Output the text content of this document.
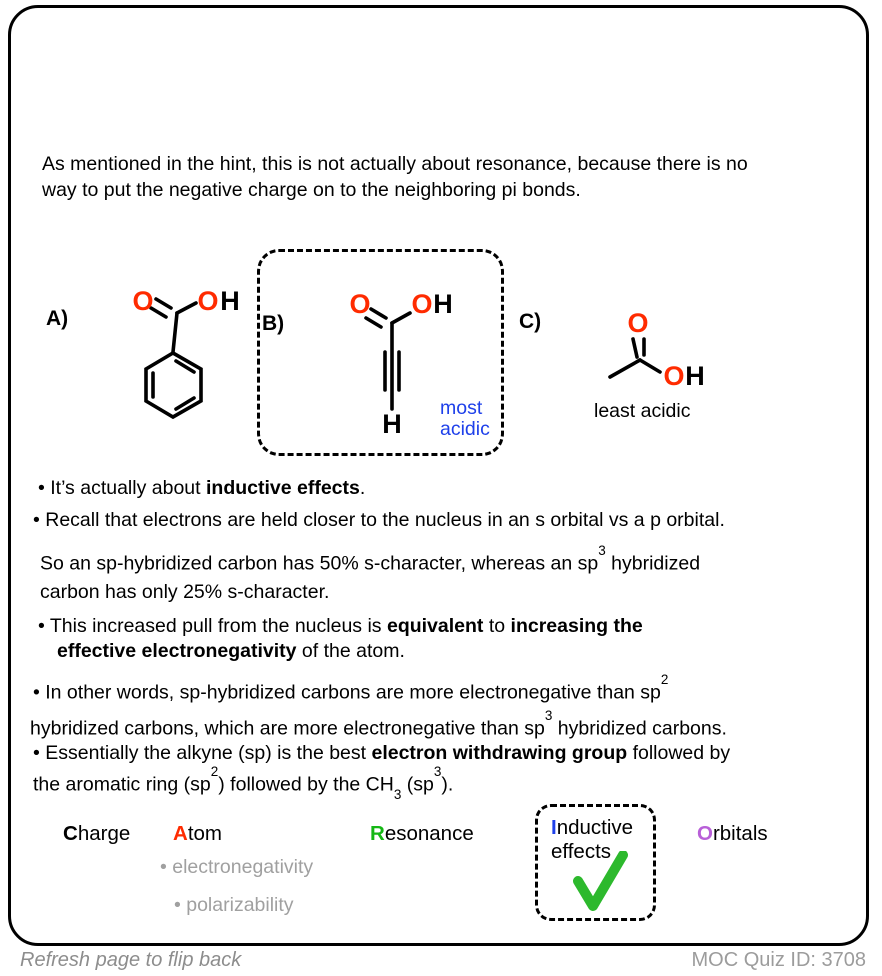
As mentioned in the hint, this is not actually about resonance, because there is no
way to put the negative charge on to the neighboring pi bonds.
A)
O O H
B)
O O H
H
most acidic
C)	O
O H
least acidic
• It’s actually about inductive effects.
• Recall that electrons are held closer to the nucleus in an s orbital vs a p orbital.
So an sp-hybridized carbon has 50% s-character, whereas an $sp^3$ hybridized
carbon has only 25% s-character.
• This increased pull from the nucleus is equivalent to increasing the
effective electronegativity of the atom.
• In other words, sp-hybridized carbons are more electronegative than $sp^2$
hybridized carbons, which are more electronegative than $sp^3$ hybridized carbons.
• Essentially the alkyne (sp) is the best electron withdrawing group followed by
the aromatic ring $(sp^2)$ followed by the $CH_3$ $(sp^3)$.
Charge Atom	Resonance	Orbitals
Inductive
effects
• electronegativity
• polarizability
Refresh page to flip back	MOC Quiz ID: 3708
